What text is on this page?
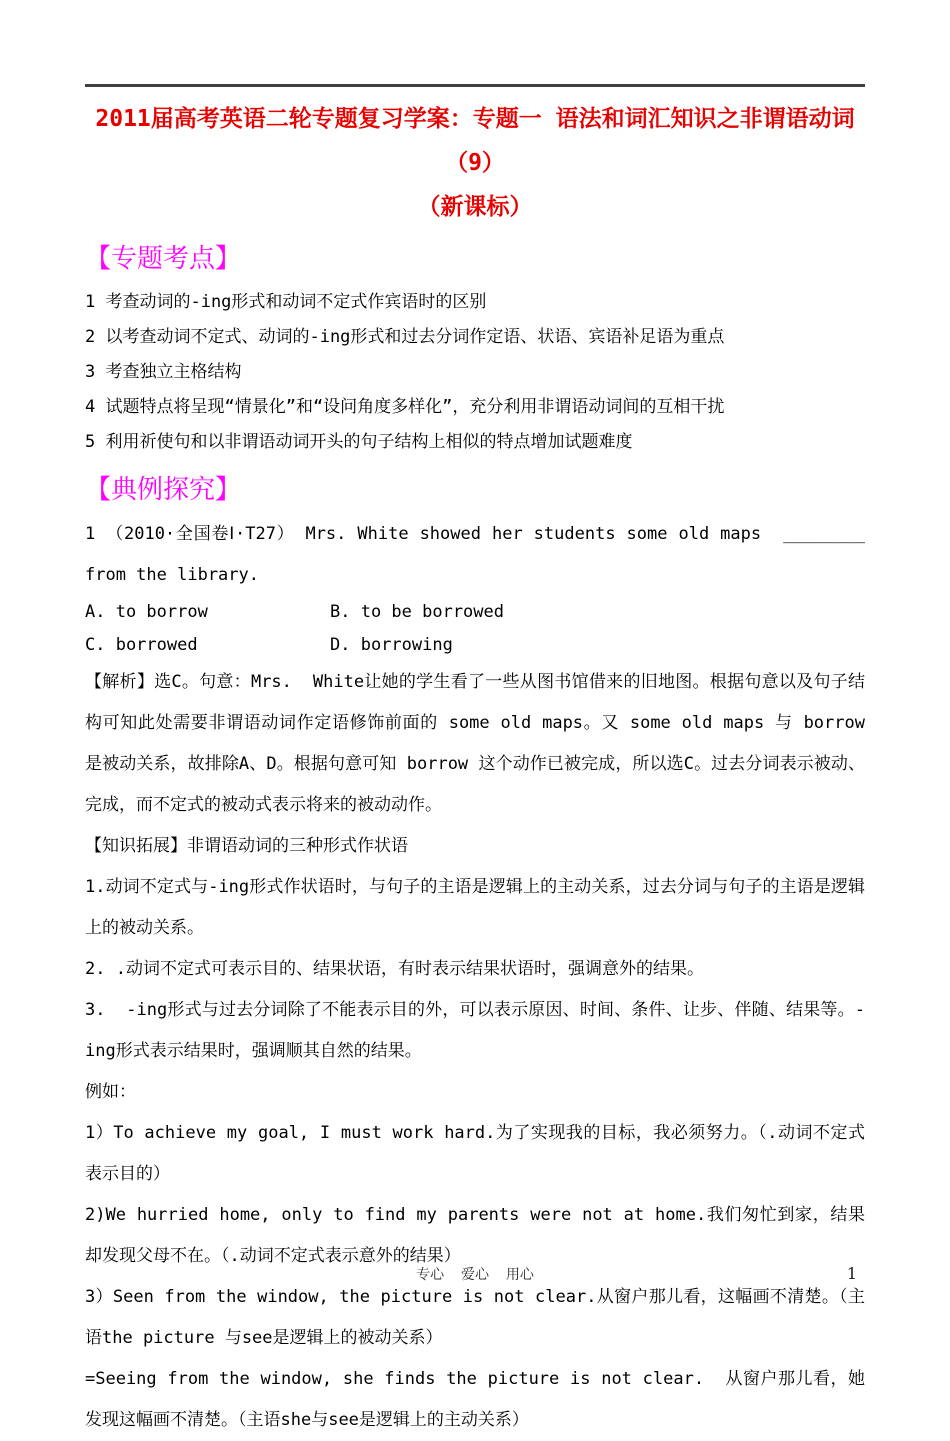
2011届高考英语二轮专题复习学案：专题一 语法和词汇知识之非谓语动词（9）
（新课标）
【专题考点】

1 考查动词的-ing形式和动词不定式作宾语时的区别

2 以考查动词不定式、动词的-ing形式和过去分词作定语、状语、宾语补足语为重点

3 考查独立主格结构

4 试题特点将呈现“情景化”和“设问角度多样化”，充分利用非谓语动词间的互相干扰

5 利用祈使句和以非谓语动词开头的句子结构上相似的特点增加试题难度

【典例探究】

1 （2010·全国卷Ⅰ·T27） Mrs. White showed her students some old maps  ________   from the library.

A. to borrow	B. to be borrowed

C. borrowed	D. borrowing

【解析】选C。句意：Mrs.  White让她的学生看了一些从图书馆借来的旧地图。根据句意以及句子结构可知此处需要非谓语动词作定语修饰前面的 some old maps。又 some old maps 与 borrow 是被动关系，故排除A、D。根据句意可知 borrow 这个动作已被完成，所以选C。过去分词表示被动、完成，而不定式的被动式表示将来的被动动作。

【知识拓展】非谓语动词的三种形式作状语

1.动词不定式与-ing形式作状语时，与句子的主语是逻辑上的主动关系，过去分词与句子的主语是逻辑上的被动关系。

2. .动词不定式可表示目的、结果状语，有时表示结果状语时，强调意外的结果。

3.  -ing形式与过去分词除了不能表示目的外，可以表示原因、时间、条件、让步、伴随、结果等。-ing形式表示结果时，强调顺其自然的结果。

例如：

1）To achieve my goal, I must work hard.为了实现我的目标，我必须努力。（.动词不定式表示目的）

2)We hurried home, only to find my parents were not at home.我们匆忙到家，结果却发现父母不在。（.动词不定式表示意外的结果）

3）Seen from the window, the picture is not clear.从窗户那儿看，这幅画不清楚。（主语the picture 与see是逻辑上的被动关系）

=Seeing from the window, she finds the picture is not clear.  从窗户那儿看，她发现这幅画不清楚。（主语she与see是逻辑上的主动关系）

专心  爱心  用心	1
